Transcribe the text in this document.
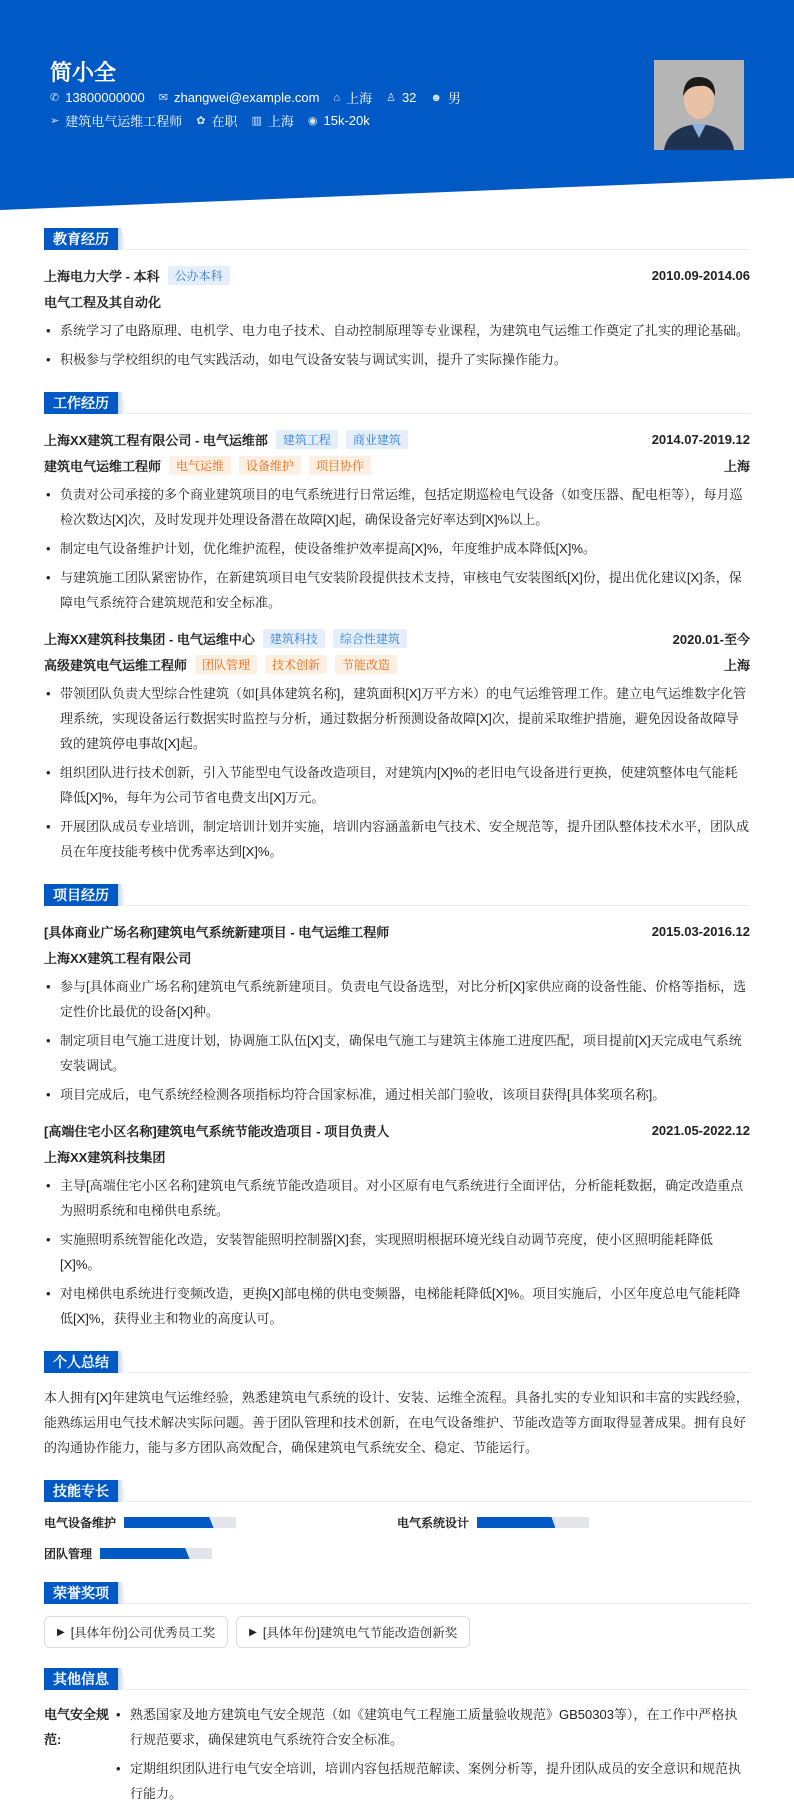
简小全
✆ 13800000000 ✉ zhangwei@example.com ⌂ 上海 ♙ 32 ☻ 男
➢ 建筑电气运维工程师 ✿ 在职 ▥ 上海 ◉ 15k-20k
教育经历
上海电力大学 - 本科	公办本科	2010.09-2014.06
电气工程及其自动化
• 系统学习了电路原理、电机学、电力电子技术、自动控制原理等专业课程，为建筑电气运维工作奠定了扎实的理论基础。
• 积极参与学校组织的电气实践活动，如电气设备安装与调试实训，提升了实际操作能力。
工作经历
上海XX建筑工程有限公司 - 电气运维部	建筑工程	商业建筑	2014.07-2019.12
建筑电气运维工程师	电气运维	设备维护	项目协作	上海
• 负责对公司承接的多个商业建筑项目的电气系统进行日常运维，包括定期巡检电气设备（如变压器、配电柜等），每月巡检次数达[X]次，及时发现并处理设备潜在故障[X]起，确保设备完好率达到[X]%以上。
• 制定电气设备维护计划，优化维护流程，使设备维护效率提高[X]%，年度维护成本降低[X]%。
• 与建筑施工团队紧密协作，在新建筑项目电气安装阶段提供技术支持，审核电气安装图纸[X]份，提出优化建议[X]条，保障电气系统符合建筑规范和安全标准。
上海XX建筑科技集团 - 电气运维中心	建筑科技	综合性建筑	2020.01-至今
高级建筑电气运维工程师	团队管理	技术创新	节能改造	上海
• 带领团队负责大型综合性建筑（如[具体建筑名称]，建筑面积[X]万平方米）的电气运维管理工作。建立电气运维数字化管理系统，实现设备运行数据实时监控与分析，通过数据分析预测设备故障[X]次，提前采取维护措施，避免因设备故障导致的建筑停电事故[X]起。
• 组织团队进行技术创新，引入节能型电气设备改造项目，对建筑内[X]%的老旧电气设备进行更换，使建筑整体电气能耗降低[X]%，每年为公司节省电费支出[X]万元。
• 开展团队成员专业培训，制定培训计划并实施，培训内容涵盖新电气技术、安全规范等，提升团队整体技术水平，团队成员在年度技能考核中优秀率达到[X]%。
项目经历
[具体商业广场名称]建筑电气系统新建项目 - 电气运维工程师	2015.03-2016.12
上海XX建筑工程有限公司
• 参与[具体商业广场名称]建筑电气系统新建项目。负责电气设备选型，对比分析[X]家供应商的设备性能、价格等指标，选定性价比最优的设备[X]种。
• 制定项目电气施工进度计划，协调施工队伍[X]支，确保电气施工与建筑主体施工进度匹配，项目提前[X]天完成电气系统安装调试。
• 项目完成后，电气系统经检测各项指标均符合国家标准，通过相关部门验收，该项目获得[具体奖项名称]。
[高端住宅小区名称]建筑电气系统节能改造项目 - 项目负责人	2021.05-2022.12
上海XX建筑科技集团
• 主导[高端住宅小区名称]建筑电气系统节能改造项目。对小区原有电气系统进行全面评估，分析能耗数据，确定改造重点为照明系统和电梯供电系统。
• 实施照明系统智能化改造，安装智能照明控制器[X]套，实现照明根据环境光线自动调节亮度，使小区照明能耗降低[X]%。
• 对电梯供电系统进行变频改造，更换[X]部电梯的供电变频器，电梯能耗降低[X]%。项目实施后，小区年度总电气能耗降低[X]%，获得业主和物业的高度认可。
个人总结
本人拥有[X]年建筑电气运维经验，熟悉建筑电气系统的设计、安装、运维全流程。具备扎实的专业知识和丰富的实践经验，能熟练运用电气技术解决实际问题。善于团队管理和技术创新，在电气设备维护、节能改造等方面取得显著成果。拥有良好的沟通协作能力，能与多方团队高效配合，确保建筑电气系统安全、稳定、节能运行。
技能专长
电气设备维护	电气系统设计
团队管理
荣誉奖项
▶ [具体年份]公司优秀员工奖	▶ [具体年份]建筑电气节能改造创新奖
其他信息
电气安全规范:
• 熟悉国家及地方建筑电气安全规范（如《建筑电气工程施工质量验收规范》GB50303等），在工作中严格执行规范要求，确保建筑电气系统符合安全标准。
• 定期组织团队进行电气安全培训，培训内容包括规范解读、案例分析等，提升团队成员的安全意识和规范执行能力。
